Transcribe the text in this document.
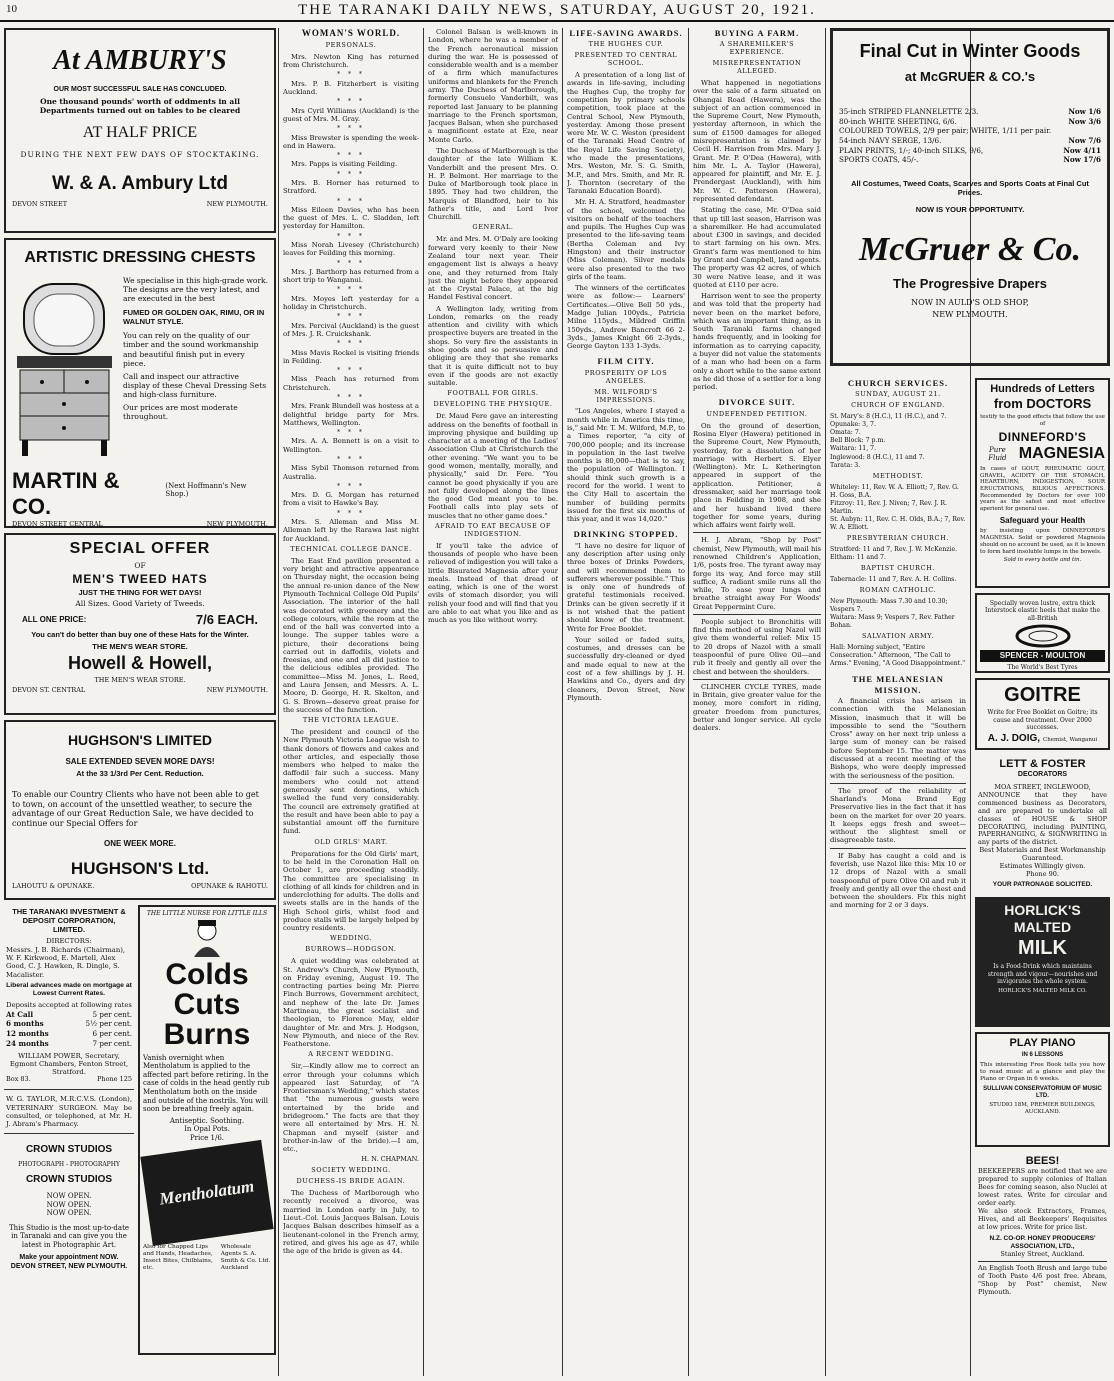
10	THE TARANAKI DAILY NEWS, SATURDAY, AUGUST 20, 1921.
At AMBURY'S

OUR MOST SUCCESSFUL SALE HAS CONCLUDED.

One thousand pounds' worth of oddments in all Departments turned out on tables to be cleared

AT HALF PRICE

DURING THE NEXT FEW DAYS OF STOCKTAKING.

W. & A. Ambury Ltd
DEVON STREET	NEW PLYMOUTH.
ARTISTIC DRESSING CHESTS

We specialise in this high-grade work. The designs are the very latest, and are executed in the best

FUMED OR GOLDEN OAK, RIMU, OR IN WALNUT STYLE.

You can rely on the quality of our timber and the sound workmanship and beautiful finish put in every piece.

Call and inspect our attractive display of these Cheval Dressing Sets and high-class furniture.

Our prices are most moderate throughout.

MARTIN & CO.
(Next Hoffmann's New Shop.)
DEVON STREET CENTRAL	NEW PLYMOUTH.
SPECIAL OFFER

OF

MEN'S TWEED HATS

JUST THE THING FOR WET DAYS!

All Sizes. Good Variety of Tweeds.

ALL ONE PRICE:	7/6 EACH.

You can't do better than buy one of these Hats for the Winter.

THE MEN'S WEAR STORE.

Howell & Howell,

THE MEN'S WEAR STORE.

DEVON ST. CENTRAL	NEW PLYMOUTH.
HUGHSON'S LIMITED

SALE EXTENDED SEVEN MORE DAYS!

At the 33 1/3rd Per Cent. Reduction.

To enable our Country Clients who have not been able to get to town, on account of the unsettled weather, to secure the advantage of our Great Reduction Sale, we have decided to continue our Special Offers for

ONE WEEK MORE.

HUGHSON'S Ltd.
LAHOUTU & OPUNAKE.	OPUNAKE & RAHOTU.

THE TARANAKI INVESTMENT & DEPOSIT CORPORATION, LIMITED.

DIRECTORS:

Messrs. J. B. Richards (Chairman), W. F. Kirkwood, E. Martell, Alex Good, C. J. Hawken, R. Dingle, S. Macalister.

Liberal advances made on mortgage at Lowest Current Rates.

Deposits accepted at following rates

At Call	5 per cent.
6 months	5½ per cent.
12 months	6 per cent.
24 months	7 per cent.

WILLIAM POWER, Secretary,

Egmont Chambers, Fenton Street, Stratford.

Box 83.	Phone 125

W. G. TAYLOR, M.R.C.V.S. (London), VETERINARY SURGEON. May be consulted, or telephoned, at Mr. H. J. Abram's Pharmacy.

CROWN STUDIOS

PHOTOGRAPH - PHOTOGRAPHY

CROWN STUDIOS

NOW OPEN.

NOW OPEN.

NOW OPEN.

This Studio is the most up-to-date in Taranaki and can give you the latest in Photographic Art.

Make your appointment NOW.

DEVON STREET, NEW PLYMOUTH.

THE LITTLE NURSE FOR LITTLE ILLS

Colds
Cuts
Burns

Vanish overnight when Mentholatum is applied to the affected part before retiring. In the case of colds in the head gently rub Mentholatum both on the inside and outside of the nostrils. You will soon be breathing freely again.

Antiseptic. Soothing.

In Opal Pots.

Price 1/6.

Mentholatum

Also for Chapped Lips and Hands, Headaches, Insect Bites, Chilblains, etc.

Wholesale Agents S. A. Smith & Co. Ltd. Auckland

WOMAN'S WORLD.
PERSONALS.

Mrs. Newton King has returned from Christchurch.

* * *

Mrs. P. B. Fitzherbert is visiting Auckland.

* * *

Mrs Cyril Williams (Auckland) is the guest of Mrs. M. Gray.

* * *

Miss Brewster is spending the week-end in Hawera.

* * *

Mrs. Papps is visiting Feilding.

* * *

Mrs. B. Horner has returned to Stratford.

* * *

Miss Eileen Davies, who has been the guest of Mrs. L. C. Sladden, left yesterday for Hamilton.

* * *

Miss Norah Livesey (Christchurch) leaves for Feilding this morning.

* * *

Mrs. J. Barthorp has returned from a short trip to Wanganui.

* * *

Mrs. Moyes left yesterday for a holiday in Christchurch.

* * *

Mrs. Percival (Auckland) is the guest of Mrs. J. R. Cruickshank.

* * *

Miss Mavis Rockel is visiting friends in Feilding.

* * *

Miss Peach has returned from Christchurch.

* * *

Mrs. Frank Blundell was hostess at a delightful bridge party for Mrs. Matthews, Wellington.

* * *

Mrs. A. A. Bennett is on a visit to Wellington.

* * *

Miss Sybil Thomson returned from Australia.

* * *

Mrs. D. G. Morgan has returned from a visit to Hawke's Bay.

* * *

Mrs. S. Alleman and Miss M. Alleman left by the Rarawa last night for Auckland.

TECHNICAL COLLEGE DANCE.

The East End pavilion presented a very bright and attractive appearance on Thursday night, the occasion being the annual re-union dance of the New Plymouth Technical College Old Pupils' Association. The interior of the hall was decorated with greenery and the college colours, while the room at the end of the hall was converted into a lounge. The supper tables were a picture, their decorations being carried out in daffodils, violets and freesias, and one and all did justice to the delicious edibles provided. The committee—Miss M. Jones, L. Reed, and Laura Jensen, and Messrs. A. L. Moore, D. George, H. R. Skelton, and G. S. Brown—deserve great praise for the success of the function.

THE VICTORIA LEAGUE.

The president and council of the New Plymouth Victoria League wish to thank donors of flowers and cakes and other articles, and especially those members who helped to make the daffodil fair such a success. Many members who could not attend generously sent donations, which swelled the fund very considerably. The council are extremely gratified at the result and have been able to pay a substantial amount off the furniture fund.

OLD GIRLS' MART.

Preparations for the Old Girls' mart, to be held in the Coronation Hall on October 1, are proceeding steadily. The committee are specialising in clothing of all kinds for children and in underclothing for adults. The dolls and sweets stalls are in the hands of the High School girls, whilst food and produce stalls will be largely helped by country residents.

WEDDING.
BURROWS—HODGSON.

A quiet wedding was celebrated at St. Andrew's Church, New Plymouth, on Friday evening, August 19. The contracting parties being Mr. Pierre Finch Burrows, Government architect, and nephew of the late Dr. James Martineau, the great socialist and theologian, to Florence May, elder daughter of Mr. and Mrs. J. Hodgson, New Plymouth, and niece of the Rev. Featherstone.

A RECENT WEDDING.

Sir,—Kindly allow me to correct an error through your columns which appeared last Saturday, of "A Frontiersman's Wedding," which states that "the numerous guests were entertained by the bride and bridegroom." The facts are that they were all entertained by Mrs. H. N. Chapman and myself (sister and brother-in-law of the bride).—I am, etc.,

H. N. CHAPMAN.

SOCIETY WEDDING.
DUCHESS-IS BRIDE AGAIN.

The Duchess of Marlborough who recently received a divorce, was married in London early in July, to Lieut.-Col. Louis Jacques Balsan. Louis Jacques Balsan describes himself as a lieutenant-colonel in the French army, retired, and gives his age as 47, while the age of the bride is given as 44.

Colonel Balsan is well-known in London, where he was a member of the French aeronautical mission during the war. He is possessed of considerable wealth and is a member of a firm which manufactures uniforms and blankets for the French army. The Duchess of Marlborough, formerly Consuelo Vanderbilt, was reported last January to be planning marriage to the French sportsman, Jacques Balsan, when she purchased a magnificent estate at Eze, near Monte Carlo.

The Duchess of Marlborough is the daughter of the late William K. Vanderbilt and the present Mrs. O. H. P. Belmont. Her marriage to the Duke of Marlborough took place in 1895. They had two children, the Marquis of Blandford, heir to his father's title, and Lord Ivor Churchill.

GENERAL.

Mr. and Mrs. M. O'Daly are looking forward very keenly to their New Zealand tour next year. Their engagement list is always a heavy one, and they returned from Italy just the night before they appeared at the Crystal Palace, at the big Handel Festival concert.

A Wellington lady, writing from London, remarks on the ready attention and civility with which prospective buyers are treated in the shops. So very fire the assistants in shoe goods and so persuasive and obliging are they that she remarks that it is quite difficult not to buy even if the goods are not exactly suitable.

FOOTBALL FOR GIRLS.
DEVELOPING THE PHYSIQUE.

Dr. Maud Fere gave an interesting address on the benefits of football in improving physique and building up character at a meeting of the Ladies' Association Club at Christchurch the other evening. "We want you to be good women, mentally, morally, and physically," said Dr. Fere. "You cannot be good physically if you are not fully developed along the lines the good God meant you to be. Football calls into play sets of muscles that no other game does."

AFRAID TO EAT BECAUSE OF INDIGESTION.

If you'll take the advice of thousands of people who have been relieved of indigestion you will take a little Bisurated Magnesia after your meals. Instead of that dread of eating, which is one of the worst evils of stomach disorder, you will relish your food and will find that you are able to eat what you like and as much as you like without worry.

LIFE-SAVING AWARDS.
THE HUGHES CUP.
PRESENTED TO CENTRAL SCHOOL.

A presentation of a long list of awards in life-saving, including the Hughes Cup, the trophy for competition by primary schools competition, took place at the Central School, New Plymouth, yesterday. Among those present were Mr. W. C. Weston (president of the Taranaki Head Centre of the Royal Life Saving Society), who made the presentations, Mrs. Weston, Mr. S. G. Smith, M.P., and Mrs. Smith, and Mr. R. J. Thornton (secretary of the Taranaki Education Board).

Mr. H. A. Stratford, headmaster of the school, welcomed the visitors on behalf of the teachers and pupils. The Hughes Cup was presented to the life-saving team (Bertha Coleman and Ivy Hingston) and their instructor (Miss Coleman). Silver medals were also presented to the two girls of the team.

The winners of the certificates were as follow:— Learners' Certificates.—Olive Bell 50 yds., Madge Julian 100yds., Patricia Milne 115yds., Mildred Griffin 150yds., Andrew Bancroft 66 2-3yds., James Knight 66 2-3yds., George Gayton 133 1-3yds.

FILM CITY.
PROSPERITY OF LOS ANGELES.
MR. WILFORD'S IMPRESSIONS.

"Los Angeles, where I stayed a month while in America this time, is," said Mr. T. M. Wilford, M.P., to a Times reporter, "a city of 700,000 people; and its increase in population in the last twelve months is 80,000—that is to say, the population of Wellington. I should think such growth is a record for the world. I went to the City Hall to ascertain the number of building permits issued for the first six months of this year, and it was 14,020."

DRINKING STOPPED.

"I have no desire for liquor of any description after using only three boxes of Drinks Powders, and will recommend them to sufferers wherever possible." This is only one of hundreds of grateful testimonials received. Drinks can be given secretly if it is not wished that the patient should know of the treatment. Write for Free Booklet.

Your soiled or faded suits, costumes, and dresses can be successfully dry-cleaned or dyed and made equal to new at the cost of a few shillings by J. H. Hawkins and Co., dyers and dry cleaners, Devon Street, New Plymouth.

BUYING A FARM.
A SHAREMILKER'S EXPERIENCE.
MISREPRESENTATION ALLEGED.

What happened in negotiations over the sale of a farm situated on Ohangai Road (Hawera), was the subject of an action commenced in the Supreme Court, New Plymouth, yesterday afternoon, in which the sum of £1500 damages for alleged misrepresentation is claimed by Cecil H. Harrison from Mrs. Mary J. Grant. Mr. P. O'Dea (Hawera), with him Mr. L. A. Taylor (Hawera), appeared for plaintiff, and Mr. E. J. Prendergast (Auckland), with him Mr. W. C. Patterson (Hawera), represented defendant.

Stating the case, Mr. O'Dea said that up till last season, Harrison was a sharemilker. He had accumulated about £300 in savings, and decided to start farming on his own. Mrs. Grant's farm was mentioned to him by Grant and Campbell, land agents. The property was 42 acres, of which 30 were Native lease, and it was quoted at £110 per acre.

Harrison went to see the property and was told that the property had never been on the market before, which was an important thing, as in South Taranaki farms changed hands frequently, and in looking for information as to carrying capacity, a buyer did not value the statements of a man who had been on a farm only a short while to the same extent as he did those of a settler for a long period.

DIVORCE SUIT.
UNDEFENDED PETITION.

On the ground of desertion, Rosina Elyer (Hawera) petitioned in the Supreme Court, New Plymouth, yesterday, for a dissolution of her marriage with Herbert S. Elyer (Wellington). Mr. L. Ketherington appeared in support of the application. Petitioner, a dressmaker, said her marriage took place in Feilding in 1908, and she and her husband lived there together for some years, during which affairs went fairly well.

H. J. Abram, "Shop by Post" chemist, New Plymouth, will mail his renowned Children's Application, 1/6, posts free. The tyrant away may forge its way, And force may still suffice, A radiant smile runs all the while, To ease your lungs and breathe straight away For Woods' Great Peppermint Cure.

People subject to Bronchitis will find this method of using Nazol will give them wonderful relief: Mix 15 to 20 drops of Nazol with a small teaspoonful of pure Olive Oil—and rub it freely and gently all over the chest and between the shoulders.

CLINCHER CYCLE TYRES, made in Britain, give greater value for the money, more comfort in riding, greater freedom from punctures, better and longer service. All cycle dealers.

Final Cut in Winter Goods
at McGRUER & CO.'s
35-inch STRIPED FLANNELETTE 2/3.	Now 1/6
80-inch WHITE SHEETING, 6/6.	Now 3/6
COLOURED TOWELS, 2/9 per pair; WHITE, 1/11 per pair.
54-inch NAVY SERGE, 13/6.	Now 7/6
PLAIN PRINTS, 1/-; 40-inch SILKS, 9/6,	Now 4/11
SPORTS COATS, 45/-.	Now 17/6

All Costumes, Tweed Coats, Scarves and Sports Coats at Final Cut Prices.

NOW IS YOUR OPPORTUNITY.

McGruer & Co.
The Progressive Drapers

NOW IN AULD'S OLD SHOP,

NEW PLYMOUTH.

CHURCH SERVICES.
SUNDAY, AUGUST 21.
CHURCH OF ENGLAND.

St. Mary's: 8 (H.C.), 11 (H.C.), and 7.

Opunake: 3, 7.

Omata: 7.

Bell Block: 7 p.m.

Waitara: 11, 7.

Inglewood: 8 (H.C.), 11 and 7.

Tarata: 3.

METHODIST.

Whiteley: 11, Rev. W. A. Elliott; 7, Rev. G. H. Goss, B.A.

Fitzroy: 11, Rev. J. Niven; 7, Rev. J. R. Martin.

St. Aubyn: 11, Rev. C. H. Olds, B.A.; 7, Rev. W. A. Elliott.

PRESBYTERIAN CHURCH.

Stratford: 11 and 7, Rev. J. W. McKenzie.

Eltham: 11 and 7.

BAPTIST CHURCH.

Tabernacle: 11 and 7, Rev. A. H. Collins.

ROMAN CATHOLIC.

New Plymouth: Mass 7.30 and 10.30; Vespers 7.

Waitara: Mass 9; Vespers 7, Rev. Father Bohan.

SALVATION ARMY.

Hall: Morning subject, "Entire Consecration." Afternoon, "The Call to Arms." Evening, "A Good Disappointment."

THE MELANESIAN MISSION.

A financial crisis has arisen in connection with the Melanesian Mission, inasmuch that it will be impossible to send the "Southern Cross" away on her next trip unless a large sum of money can be raised before September 15. The matter was discussed at a recent meeting of the Bishops, who were deeply impressed with the seriousness of the position.

The proof of the reliability of Sharland's Mona Brand Egg Preservative lies in the fact that it has been on the market for over 20 years. It keeps eggs fresh and sweet—without the slightest smell or disagreeable taste.

If Baby has caught a cold and is feverish, use Nazol like this: Mix 10 or 12 drops of Nazol with a small teaspoonful of pure Olive Oil and rub it freely and gently all over the chest and between the shoulders. Fix this night and morning for 2 or 3 days.

Hundreds of Letters
from DOCTORS

testify to the good effects that follow the use of

DINNEFORD'S
Pure Fluid MAGNESIA

In cases of GOUT, RHEUMATIC GOUT, GRAVEL, ACIDITY OF THE STOMACH, HEARTBURN, INDIGESTION, SOUR ERUCTATIONS, BILIOUS AFFECTIONS. Recommended by Doctors for over 100 years as the safest and most effective aperient for general use.

Safeguard your Health

by insisting upon DINNEFORD'S MAGNESIA. Solid or powdered Magnesia should on no account be used, as it is known to form hard insoluble lumps in the bowels.

Sold in every bottle and tin.

Specially woven lustre, extra thick Interstock elastic heels that make the all-British

SPENCER - MOULTON

The World's Best Tyres

GOITRE

Write for Free Booklet on Goitre; its cause and treatment. Over 2000 successes.

A. J. DOIG, Chemist, Wanganui
LETT & FOSTER

DECORATORS

MOA STREET, INGLEWOOD,

ANNOUNCE that they have commenced business as Decorators, and are prepared to undertake all classes of HOUSE & SHOP DECORATING, including PAINTING, PAPERHANGING, & SIGNWRITING in any parts of the district.

Best Materials and Best Workmanship Guaranteed.

Estimates Willingly given.

Phone 90.

YOUR PATRONAGE SOLICITED.

HORLICK'S
MALTED
MILK

Is a Food-Drink which maintains strength and vigour—nourishes and invigorates the whole system.

HORLICK'S MALTED MILK CO.

PLAY PIANO

IN 6 LESSONS

This interesting Free Book tells you how to read music at a glance and play the Piano or Organ in 6 weeks.

SULLIVAN CONSERVATORIUM OF MUSIC LTD.

STUDIO 18M, PREMIER BUILDINGS, AUCKLAND.

BEES!

BEEKEEPERS are notified that we are prepared to supply colonies of Italian Bees for coming season, also Nuclei at lowest rates. Write for circular and order early.

We also stock Extractors, Frames, Hives, and all Beekeepers' Requisites at low prices. Write for price list.

N.Z. CO-OP. HONEY PRODUCERS' ASSOCIATION, LTD.,

Stanley Street, Auckland.

An English Tooth Brush and large tube of Tooth Paste 4/6 post free. Abram, "Shop by Post" chemist, New Plymouth.
